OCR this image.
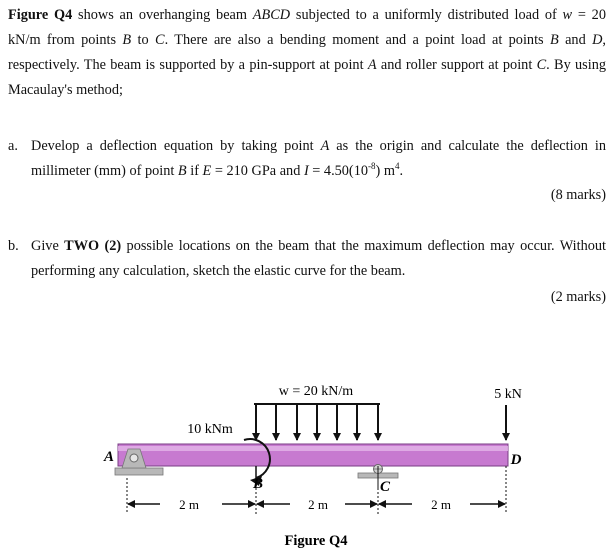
Figure Q4 shows an overhanging beam ABCD subjected to a uniformly distributed load of w = 20 kN/m from points B to C. There are also a bending moment and a point load at points B and D, respectively. The beam is supported by a pin-support at point A and roller support at point C. By using Macaulay's method;
a. Develop a deflection equation by taking point A as the origin and calculate the deflection in millimeter (mm) of point B if E = 210 GPa and $I = 4.50(10^{-8})$ $m^4$.
(8 marks)
b. Give TWO (2) possible locations on the beam that the maximum deflection may occur. Without performing any calculation, sketch the elastic curve for the beam.
(2 marks)
w = 20 kN/m	5 kN
10 kNm
A
B	C
D
2 m	2 m	2 m
Figure Q4
